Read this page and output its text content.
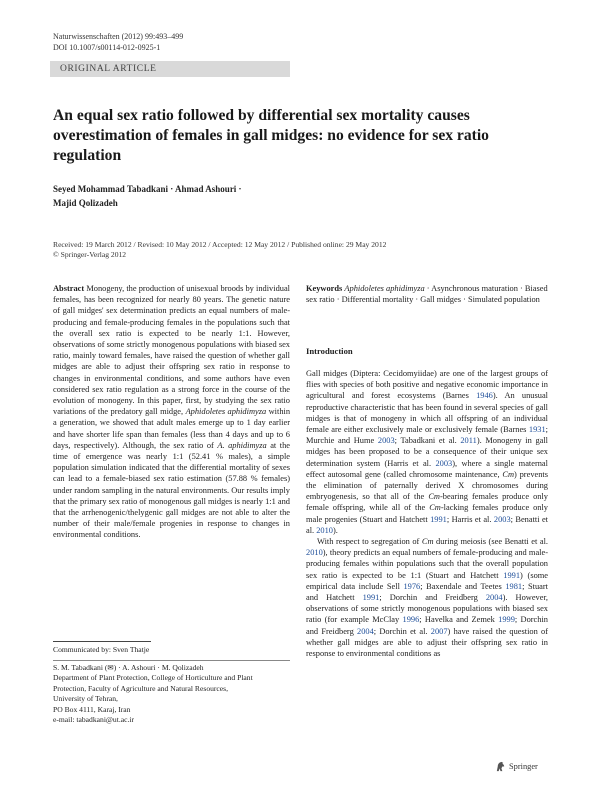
Naturwissenschaften (2012) 99:493–499
DOI 10.1007/s00114-012-0925-1
ORIGINAL ARTICLE
An equal sex ratio followed by differential sex mortality causes overestimation of females in gall midges: no evidence for sex ratio regulation
Seyed Mohammad Tabadkani · Ahmad Ashouri ·
Majid Qolizadeh
Received: 19 March 2012 / Revised: 10 May 2012 / Accepted: 12 May 2012 / Published online: 29 May 2012
© Springer-Verlag 2012

Abstract Monogeny, the production of unisexual broods by individual females, has been recognized for nearly 80 years. The genetic nature of gall midges' sex determination predicts an equal numbers of male-producing and female-producing females in the populations such that the overall sex ratio is expected to be nearly 1:1. However, observations of some strictly monogenous populations with biased sex ratio, mainly toward females, have raised the question of whether gall midges are able to adjust their offspring sex ratio in response to changes in environmental conditions, and some authors have even considered sex ratio regulation as a strong force in the course of the evolution of monogeny. In this paper, first, by studying the sex ratio variations of the predatory gall midge, Aphidoletes aphidimyza within a generation, we showed that adult males emerge up to 1 day earlier and have shorter life span than females (less than 4 days and up to 6 days, respectively). Although, the sex ratio of A. aphidimyza at the time of emergence was nearly 1:1 (52.41 % males), a simple population simulation indicated that the differential mortality of sexes can lead to a female-biased sex ratio estimation (57.88 % females) under random sampling in the natural environments. Our results imply that the primary sex ratio of monogenous gall midges is nearly 1:1 and that the arrhenogenic/thelygenic gall midges are not able to alter the number of their male/female progenies in response to changes in environmental conditions.

Keywords Aphidoletes aphidimyza · Asynchronous maturation · Biased sex ratio · Differential mortality · Gall midges · Simulated population
Introduction

Gall midges (Diptera: Cecidomyiidae) are one of the largest groups of flies with species of both positive and negative economic importance in agricultural and forest ecosystems (Barnes 1946). An unusual reproductive characteristic that has been found in several species of gall midges is that of monogeny in which all offspring of an individual female are either exclusively male or exclusively female (Barnes 1931; Murchie and Hume 2003; Tabadkani et al. 2011). Monogeny in gall midges has been proposed to be a consequence of their unique sex determination system (Harris et al. 2003), where a single maternal effect autosomal gene (called chromosome maintenance, Cm) prevents the elimination of paternally derived X chromosomes during embryogenesis, so that all of the Cm-bearing females produce only female offspring, while all of the Cm-lacking females produce only male progenies (Stuart and Hatchett 1991; Harris et al. 2003; Benatti et al. 2010).

With respect to segregation of Cm during meiosis (see Benatti et al. 2010), theory predicts an equal numbers of female-producing and male-producing females within populations such that the overall population sex ratio is expected to be 1:1 (Stuart and Hatchett 1991) (some empirical data include Sell 1976; Baxendale and Teetes 1981; Stuart and Hatchett 1991; Dorchin and Freidberg 2004). However, observations of some strictly monogenous populations with biased sex ratio (for example McClay 1996; Havelka and Zemek 1999; Dorchin and Freidberg 2004; Dorchin et al. 2007) have raised the question of whether gall midges are able to adjust their offspring sex ratio in response to environmental conditions as

Communicated by: Sven Thatje
S. M. Tabadkani (✉) · A. Ashouri · M. Qolizadeh
Department of Plant Protection, College of Horticulture and Plant
Protection, Faculty of Agriculture and Natural Resources,
University of Tehran,
PO Box 4111, Karaj, Iran
e-mail: tabadkani@ut.ac.ir
Springer
